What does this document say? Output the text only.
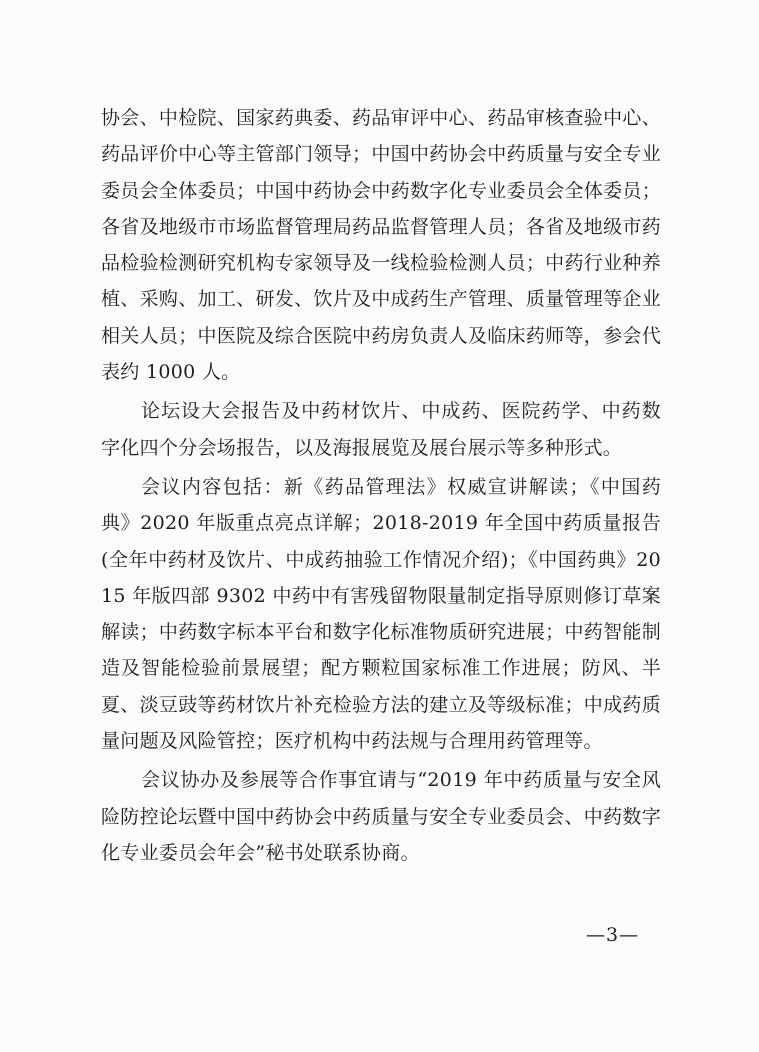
协会、中检院、国家药典委、药品审评中心、药品审核查验中心、药品评价中心等主管部门领导；中国中药协会中药质量与安全专业委员会全体委员；中国中药协会中药数字化专业委员会全体委员；各省及地级市市场监督管理局药品监督管理人员；各省及地级市药品检验检测研究机构专家领导及一线检验检测人员；中药行业种养植、采购、加工、研发、饮片及中成药生产管理、质量管理等企业相关人员；中医院及综合医院中药房负责人及临床药师等，参会代表约 1000 人。

论坛设大会报告及中药材饮片、中成药、医院药学、中药数字化四个分会场报告，以及海报展览及展台展示等多种形式。

会议内容包括：新《药品管理法》权威宣讲解读；《中国药典》2020 年版重点亮点详解；2018-2019 年全国中药质量报告(全年中药材及饮片、中成药抽验工作情况介绍)；《中国药典》2015 年版四部 9302 中药中有害残留物限量制定指导原则修订草案解读；中药数字标本平台和数字化标准物质研究进展；中药智能制造及智能检验前景展望；配方颗粒国家标准工作进展；防风、半夏、淡豆豉等药材饮片补充检验方法的建立及等级标准；中成药质量问题及风险管控；医疗机构中药法规与合理用药管理等。

会议协办及参展等合作事宜请与“2019 年中药质量与安全风险防控论坛暨中国中药协会中药质量与安全专业委员会、中药数字化专业委员会年会”秘书处联系协商。

—3—
